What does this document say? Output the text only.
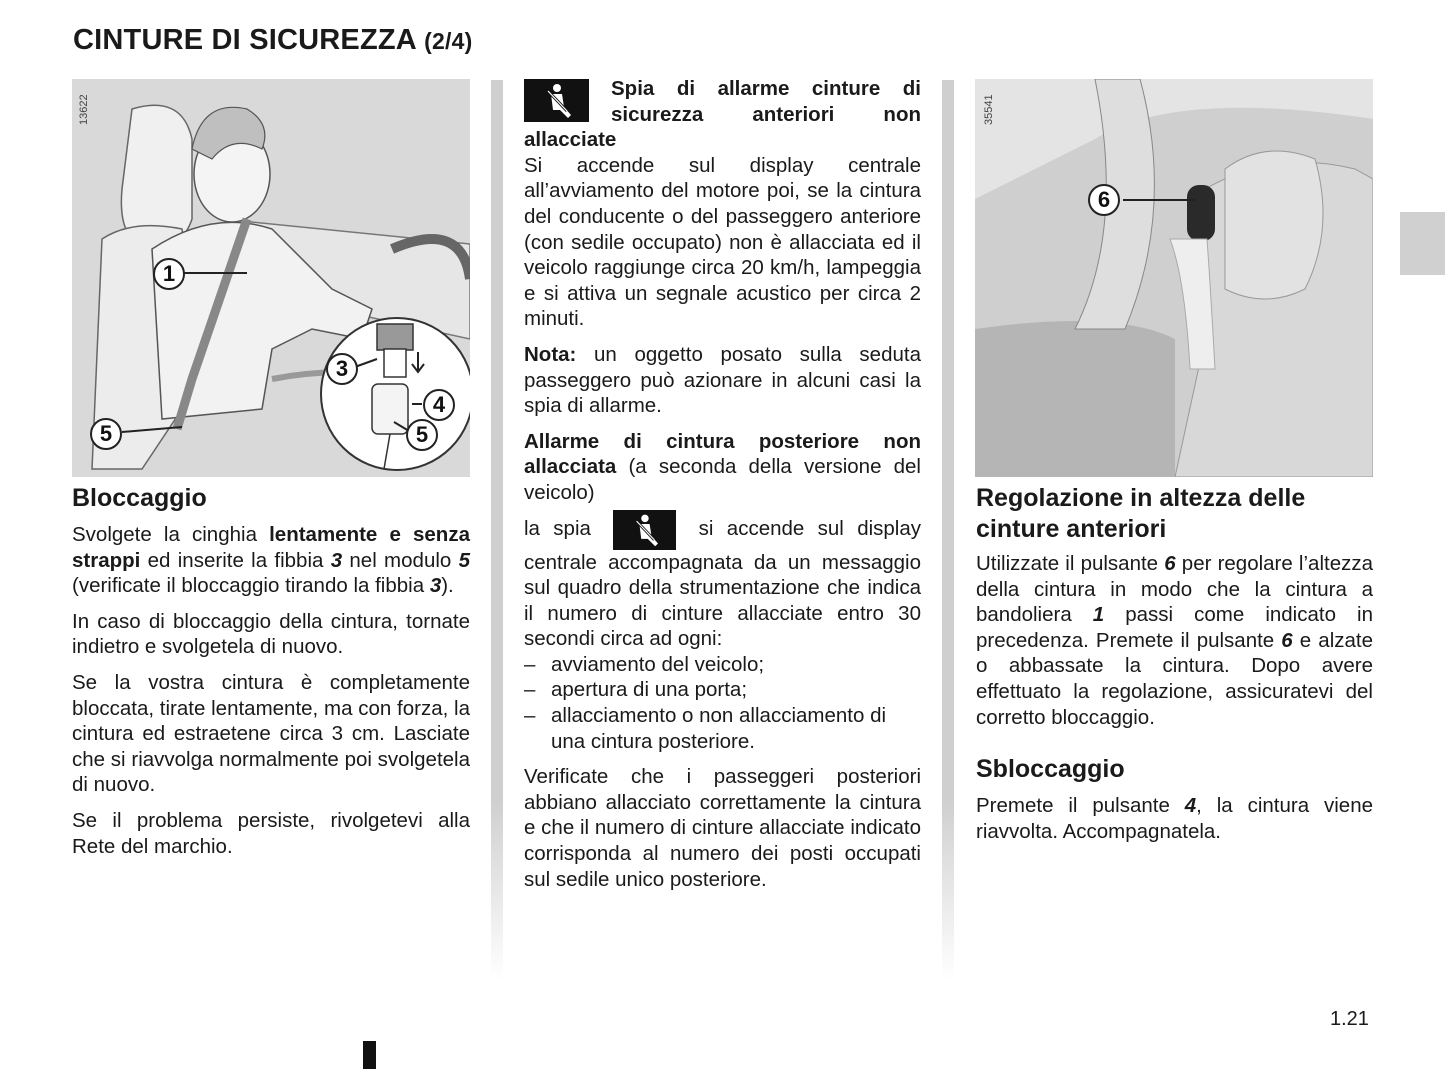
CINTURE DI SICUREZZA (2/4)
13622
1
3
4
5
5
Bloccaggio

Svolgete la cinghia lentamente e senza strappi ed inserite la fibbia 3 nel modulo 5 (verificate il bloccaggio tirando la fibbia 3).

In caso di bloccaggio della cintura, tornate indietro e svolgetela di nuovo.

Se la vostra cintura è completamente bloccata, tirate lentamente, ma con forza, la cintura ed estraetene circa 3 cm. Lasciate che si riavvolga normalmente poi svolgetela di nuovo.

Se il problema persiste, rivolgetevi alla Rete del marchio.

Spia di allarme cinture di sicurezza anteriori non allacciate

Si accende sul display centrale all’avviamento del motore poi, se la cintura del conducente o del passeggero anteriore (con sedile occupato) non è allacciata ed il veicolo raggiunge circa 20 km/h, lampeggia e si attiva un segnale acustico per circa 2 minuti.

Nota: un oggetto posato sulla seduta passeggero può azionare in alcuni casi la spia di allarme.

Allarme di cintura posteriore non allacciata (a seconda della versione del veicolo)

la spia	si accende sul display centrale accompagnata da un messaggio sul quadro della strumentazione che indica il numero di cinture allacciate entro 30 secondi circa ad ogni:

– avviamento del veicolo;
– apertura di una porta;
– allacciamento o non allacciamento di una cintura posteriore.

Verificate che i passeggeri posteriori abbiano allacciato correttamente la cintura e che il numero di cinture allacciate indicato corrisponda al numero dei posti occupati sul sedile unico posteriore.

35541
6
Regolazione in altezza delle cinture anteriori

Utilizzate il pulsante 6 per regolare l’altezza della cintura in modo che la cintura a bandoliera 1 passi come indicato in precedenza. Premete il pulsante 6 e alzate o abbassate la cintura. Dopo avere effettuato la regolazione, assicuratevi del corretto bloccaggio.

Sbloccaggio

Premete il pulsante 4, la cintura viene riavvolta. Accompagnatela.

1.21
